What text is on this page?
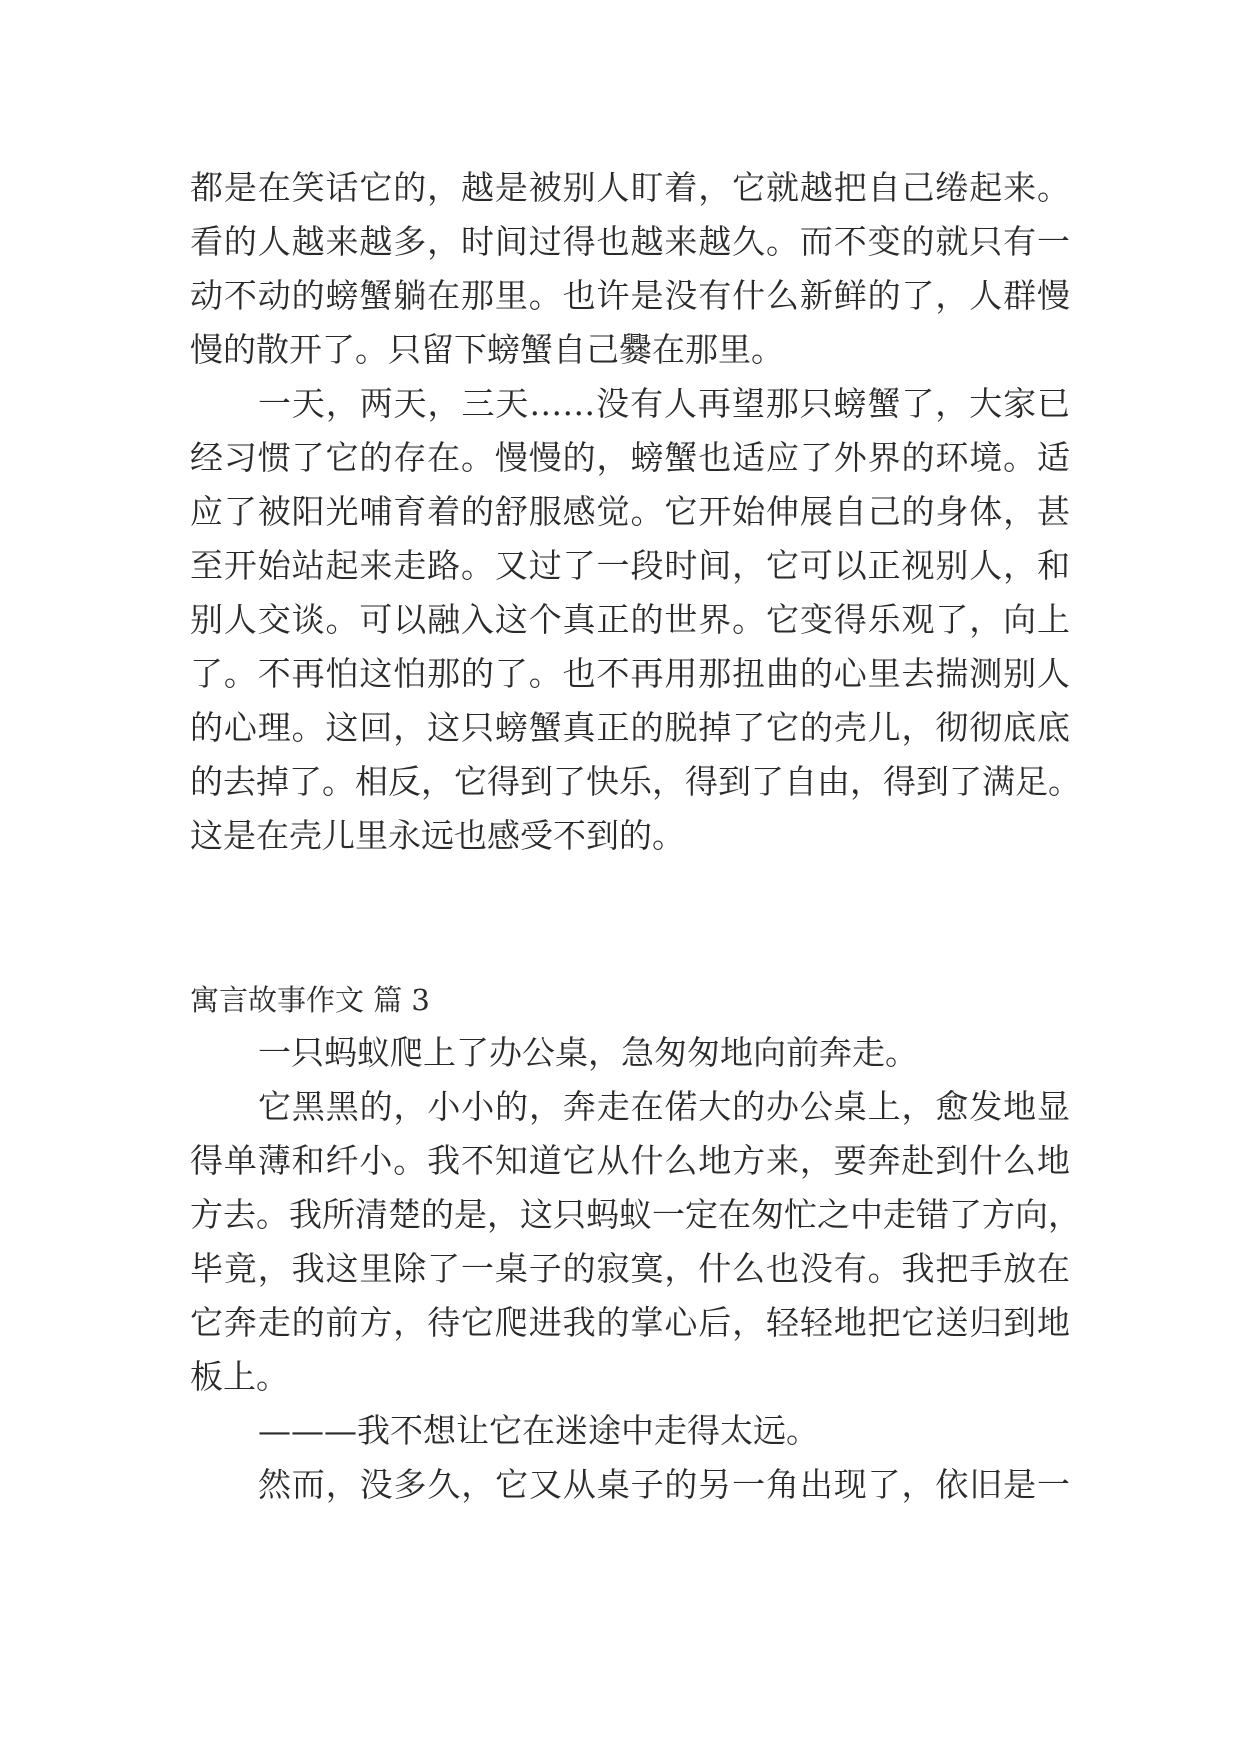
都是在笑话它的，越是被别人盯着，它就越把自己绻起来。

看的人越来越多，时间过得也越来越久。而不变的就只有一

动不动的螃蟹躺在那里。也许是没有什么新鲜的了，人群慢

慢的散开了。只留下螃蟹自己爨在那里。

一天，两天，三天……没有人再望那只螃蟹了，大家已

经习惯了它的存在。慢慢的，螃蟹也适应了外界的环境。适

应了被阳光哺育着的舒服感觉。它开始伸展自己的身体，甚

至开始站起来走路。又过了一段时间，它可以正视别人，和

别人交谈。可以融入这个真正的世界。它变得乐观了，向上

了。不再怕这怕那的了。也不再用那扭曲的心里去揣测别人

的心理。这回，这只螃蟹真正的脱掉了它的壳儿，彻彻底底

的去掉了。相反，它得到了快乐，得到了自由，得到了满足。

这是在壳儿里永远也感受不到的。

寓言故事作文 篇 3

一只蚂蚁爬上了办公桌，急匆匆地向前奔走。

它黑黑的，小小的，奔走在偌大的办公桌上，愈发地显

得单薄和纤小。我不知道它从什么地方来，要奔赴到什么地

方去。我所清楚的是，这只蚂蚁一定在匆忙之中走错了方向，

毕竟，我这里除了一桌子的寂寞，什么也没有。我把手放在

它奔走的前方，待它爬进我的掌心后，轻轻地把它送归到地

板上。

———我不想让它在迷途中走得太远。

然而，没多久，它又从桌子的另一角出现了，依旧是一
